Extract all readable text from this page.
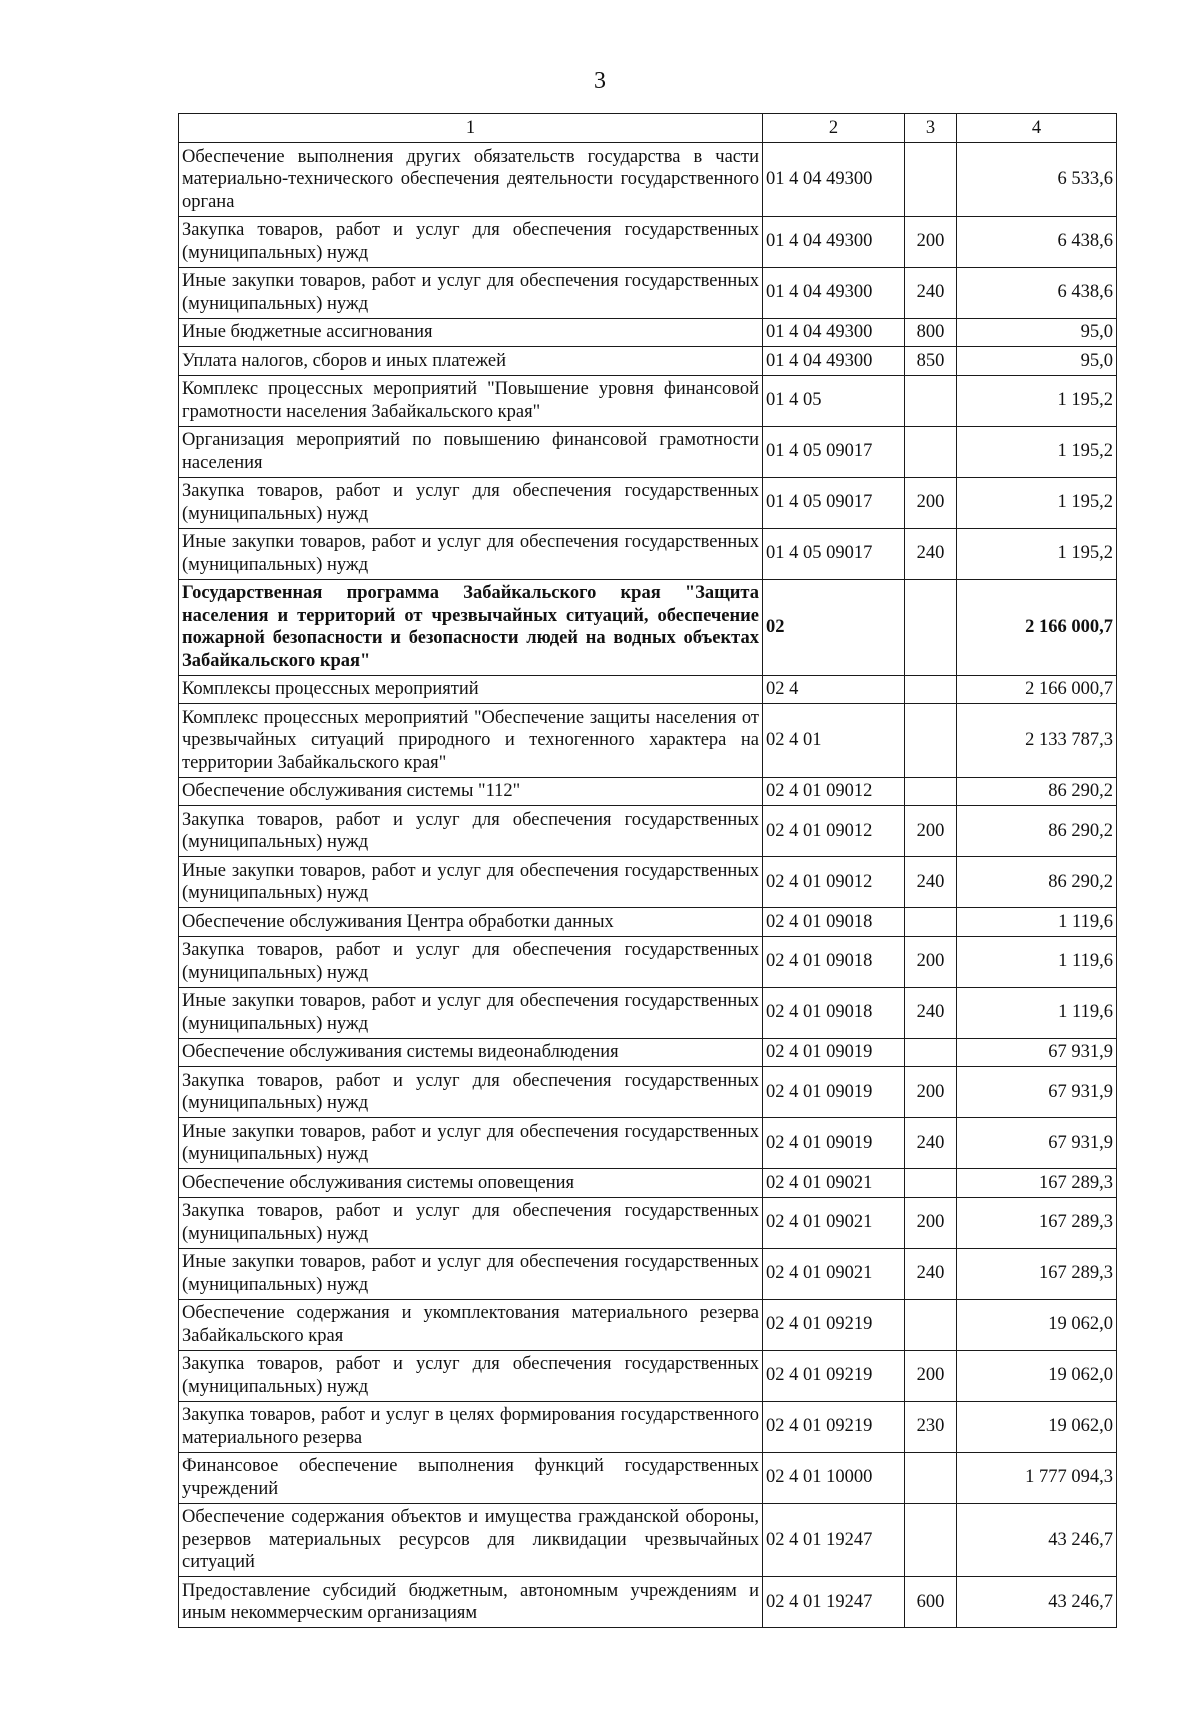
3
1	2	3	4
Обеспечение выполнения других обязательств государства в части материально-технического обеспечения деятельности государственного органа	01 4 04 49300		6 533,6
Закупка товаров, работ и услуг для обеспечения государственных (муниципальных) нужд	01 4 04 49300	200	6 438,6
Иные закупки товаров, работ и услуг для обеспечения государственных (муниципальных) нужд	01 4 04 49300	240	6 438,6
Иные бюджетные ассигнования	01 4 04 49300	800	95,0
Уплата налогов, сборов и иных платежей	01 4 04 49300	850	95,0
Комплекс процессных мероприятий "Повышение уровня финансовой грамотности населения Забайкальского края"	01 4 05		1 195,2
Организация мероприятий по повышению финансовой грамотности населения	01 4 05 09017		1 195,2
Закупка товаров, работ и услуг для обеспечения государственных (муниципальных) нужд	01 4 05 09017	200	1 195,2
Иные закупки товаров, работ и услуг для обеспечения государственных (муниципальных) нужд	01 4 05 09017	240	1 195,2
Государственная программа Забайкальского края "Защита населения и территорий от чрезвычайных ситуаций, обеспечение пожарной безопасности и безопасности людей на водных объектах Забайкальского края"	02		2 166 000,7
Комплексы процессных мероприятий	02 4		2 166 000,7
Комплекс процессных мероприятий "Обеспечение защиты населения от чрезвычайных ситуаций природного и техногенного характера на территории Забайкальского края"	02 4 01		2 133 787,3
Обеспечение обслуживания системы "112"	02 4 01 09012		86 290,2
Закупка товаров, работ и услуг для обеспечения государственных (муниципальных) нужд	02 4 01 09012	200	86 290,2
Иные закупки товаров, работ и услуг для обеспечения государственных (муниципальных) нужд	02 4 01 09012	240	86 290,2
Обеспечение обслуживания Центра обработки данных	02 4 01 09018		1 119,6
Закупка товаров, работ и услуг для обеспечения государственных (муниципальных) нужд	02 4 01 09018	200	1 119,6
Иные закупки товаров, работ и услуг для обеспечения государственных (муниципальных) нужд	02 4 01 09018	240	1 119,6
Обеспечение обслуживания системы видеонаблюдения	02 4 01 09019		67 931,9
Закупка товаров, работ и услуг для обеспечения государственных (муниципальных) нужд	02 4 01 09019	200	67 931,9
Иные закупки товаров, работ и услуг для обеспечения государственных (муниципальных) нужд	02 4 01 09019	240	67 931,9
Обеспечение обслуживания системы оповещения	02 4 01 09021		167 289,3
Закупка товаров, работ и услуг для обеспечения государственных (муниципальных) нужд	02 4 01 09021	200	167 289,3
Иные закупки товаров, работ и услуг для обеспечения государственных (муниципальных) нужд	02 4 01 09021	240	167 289,3
Обеспечение содержания и укомплектования материального резерва Забайкальского края	02 4 01 09219		19 062,0
Закупка товаров, работ и услуг для обеспечения государственных (муниципальных) нужд	02 4 01 09219	200	19 062,0
Закупка товаров, работ и услуг в целях формирования государственного материального резерва	02 4 01 09219	230	19 062,0
Финансовое обеспечение выполнения функций государственных учреждений	02 4 01 10000		1 777 094,3
Обеспечение содержания объектов и имущества гражданской обороны, резервов материальных ресурсов для ликвидации чрезвычайных ситуаций	02 4 01 19247		43 246,7
Предоставление субсидий бюджетным, автономным учреждениям и иным некоммерческим организациям	02 4 01 19247	600	43 246,7
